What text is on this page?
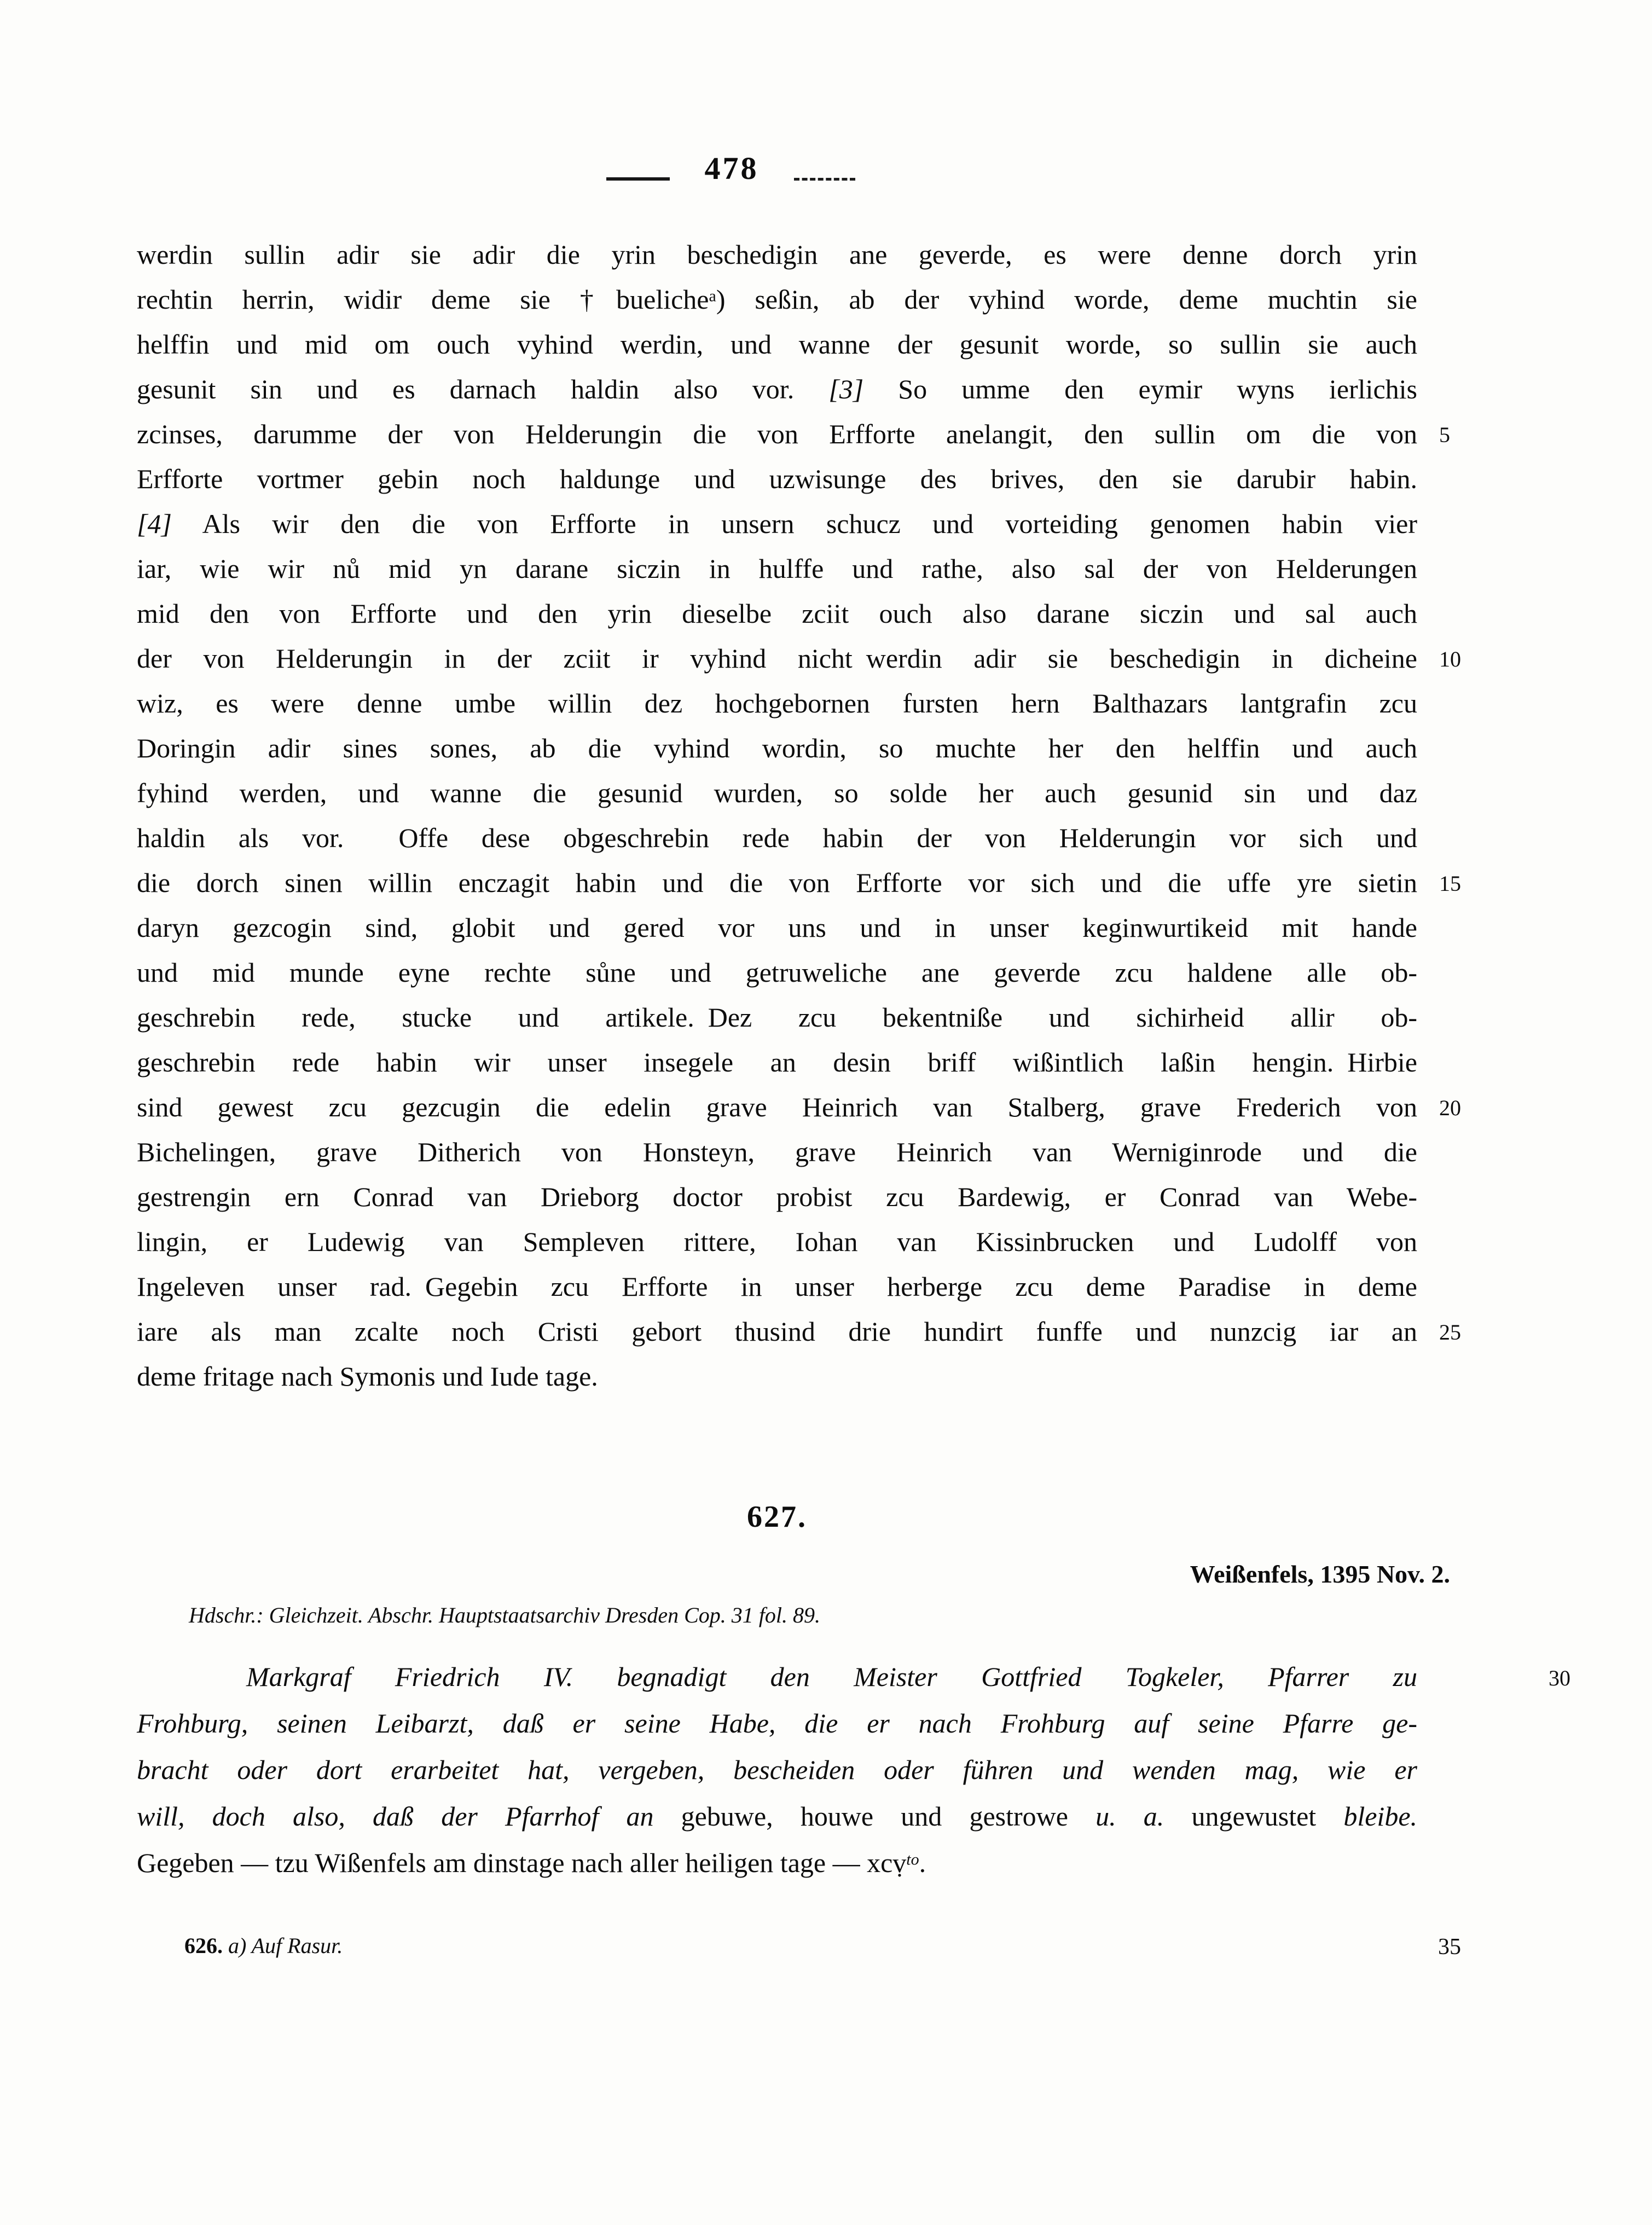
478
werdin sullin adir sie adir die yrin beschedigin ane geverde, es were denne dorch yrin
rechtin herrin, widir deme sie †bueliche$^a$) seßin, ab der vyhind worde, deme muchtin sie
helffin und mid om ouch vyhind werdin, und wanne der gesunit worde, so sullin sie auch
gesunit sin und es darnach haldin also vor. [3] So umme den eymir wyns ierlichis
zcinses, darumme der von Helderungin die von Erfforte anelangit, den sullin om die von 5
Erfforte vortmer gebin noch haldunge und uzwisunge des brives, den sie darubir habin.
[4] Als wir den die von Erfforte in unsern schucz und vorteiding genomen habin vier
iar, wie wir nů mid yn darane siczin in hulffe und rathe, also sal der von Helderungen
mid den von Erfforte und den yrin dieselbe zciit ouch also darane siczin und sal auch
der von Helderungin in der zciit ir vyhind nicht werdin adir sie beschedigin in dicheine 10
wiz, es were denne umbe willin dez hochgebornen fursten hern Balthazars lantgrafin zcu
Doringin adir sines sones, ab die vyhind wordin, so muchte her den helffin und auch
fyhind werden, und wanne die gesunid wurden, so solde her auch gesunid sin und daz
haldin als vor.  Offe dese obgeschrebin rede habin der von Helderungin vor sich und
die dorch sinen willin enczagit habin und die von Erfforte vor sich und die uffe yre sietin 15
daryn gezcogin sind, globit und gered vor uns und in unser keginwurtikeid mit hande
und mid munde eyne rechte sůne und getruweliche ane geverde zcu haldene alle ob-
geschrebin rede, stucke und artikele. Dez zcu bekentniße und sichirheid allir ob-
geschrebin rede habin wir unser insegele an desin briff wißintlich laßin hengin. Hirbie
sind gewest zcu gezcugin die edelin grave Heinrich van Stalberg, grave Frederich von 20
Bichelingen, grave Ditherich von Honsteyn, grave Heinrich van Werniginrode und die
gestrengin ern Conrad van Drieborg doctor probist zcu Bardewig, er Conrad van Webe-
lingin, er Ludewig van Sempleven rittere, Iohan van Kissinbrucken und Ludolff von
Ingeleven unser rad. Gegebin zcu Erfforte in unser herberge zcu deme Paradise in deme
iare als man zcalte noch Cristi gebort thusind drie hundirt funffe und nunzcig iar an 25
deme fritage nach Symonis und Iude tage.
627.
Weißenfels, 1395 Nov. 2.
Hdschr.: Gleichzeit. Abschr. Hauptstaatsarchiv Dresden Cop. 31 fol. 89.
Markgraf Friedrich IV. begnadigt den Meister Gottfried Togkeler, Pfarrer zu	30
Frohburg, seinen Leibarzt, daß er seine Habe, die er nach Frohburg auf seine Pfarre ge-
bracht oder dort erarbeitet hat, vergeben, bescheiden oder führen und wenden mag, wie er
will, doch also, daß der Pfarrhof an gebuwe, houwe und gestrowe u. a. ungewustet bleibe.
Gegeben — tzu Wißenfels am dinstage nach aller heiligen tage — xcṿ$^{to}$.
626. a) Auf Rasur.	35
